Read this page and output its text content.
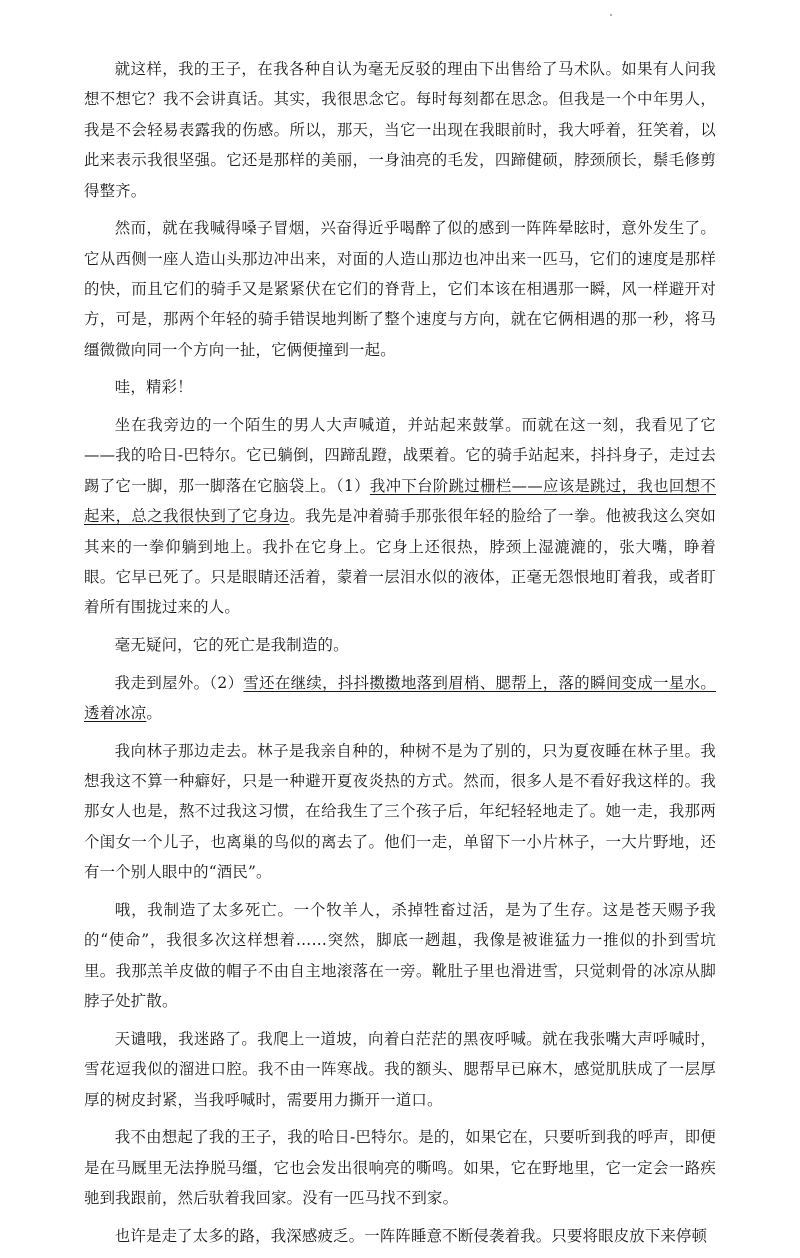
就这样，我的王子，在我各种自认为毫无反驳的理由下出售给了马术队。如果有人问我想不想它？我不会讲真话。其实，我很思念它。每时每刻都在思念。但我是一个中年男人，我是不会轻易表露我的伤感。所以，那天，当它一出现在我眼前时，我大呼着，狂笑着，以此来表示我很坚强。它还是那样的美丽，一身油亮的毛发，四蹄健硕，脖颈颀长，鬃毛修剪得整齐。

然而，就在我喊得嗓子冒烟，兴奋得近乎喝醉了似的感到一阵阵晕眩时，意外发生了。它从西侧一座人造山头那边冲出来，对面的人造山那边也冲出来一匹马，它们的速度是那样的快，而且它们的骑手又是紧紧伏在它们的脊背上，它们本该在相遇那一瞬，风一样避开对方，可是，那两个年轻的骑手错误地判断了整个速度与方向，就在它俩相遇的那一秒，将马缰微微向同一个方向一扯，它俩便撞到一起。

哇，精彩！

坐在我旁边的一个陌生的男人大声喊道，并站起来鼓掌。而就在这一刻，我看见了它——我的哈日-巴特尔。它已躺倒，四蹄乱蹬，战栗着。它的骑手站起来，抖抖身子，走过去踢了它一脚，那一脚落在它脑袋上。（1）我冲下台阶跳过栅栏——应该是跳过，我也回想不起来，总之我很快到了它身边。我先是冲着骑手那张很年轻的脸给了一拳。他被我这么突如其来的一拳仰躺到地上。我扑在它身上。它身上还很热，脖颈上湿漉漉的，张大嘴，睁着眼。它早已死了。只是眼睛还活着，蒙着一层泪水似的液体，正毫无怨恨地盯着我，或者盯着所有围拢过来的人。

毫无疑问，它的死亡是我制造的。

我走到屋外。（2）雪还在继续，抖抖擞擞地落到眉梢、腮帮上，落的瞬间变成一星水。透着冰凉。

我向林子那边走去。林子是我亲自种的，种树不是为了别的，只为夏夜睡在林子里。我想我这不算一种癖好，只是一种避开夏夜炎热的方式。然而，很多人是不看好我这样的。我那女人也是，熬不过我这习惯，在给我生了三个孩子后，年纪轻轻地走了。她一走，我那两个闺女一个儿子，也离巢的鸟似的离去了。他们一走，单留下一小片林子，一大片野地，还有一个别人眼中的“酒民”。

哦，我制造了太多死亡。一个牧羊人，杀掉牲畜过活，是为了生存。这是苍天赐予我的“使命”，我很多次这样想着……突然，脚底一趔趄，我像是被谁猛力一推似的扑到雪坑里。我那羔羊皮做的帽子不由自主地滚落在一旁。靴肚子里也滑进雪，只觉刺骨的冰凉从脚脖子处扩散。

天谴哦，我迷路了。我爬上一道坡，向着白茫茫的黑夜呼喊。就在我张嘴大声呼喊时，雪花逗我似的溜进口腔。我不由一阵寒战。我的额头、腮帮早已麻木，感觉肌肤成了一层厚厚的树皮封紧，当我呼喊时，需要用力撕开一道口。

我不由想起了我的王子，我的哈日-巴特尔。是的，如果它在，只要听到我的呼声，即便是在马厩里无法挣脱马缰，它也会发出很响亮的嘶鸣。如果，它在野地里，它一定会一路疾驰到我跟前，然后驮着我回家。没有一匹马找不到家。

也许是走了太多的路，我深感疲乏。一阵阵睡意不断侵袭着我。只要将眼皮放下来停顿
